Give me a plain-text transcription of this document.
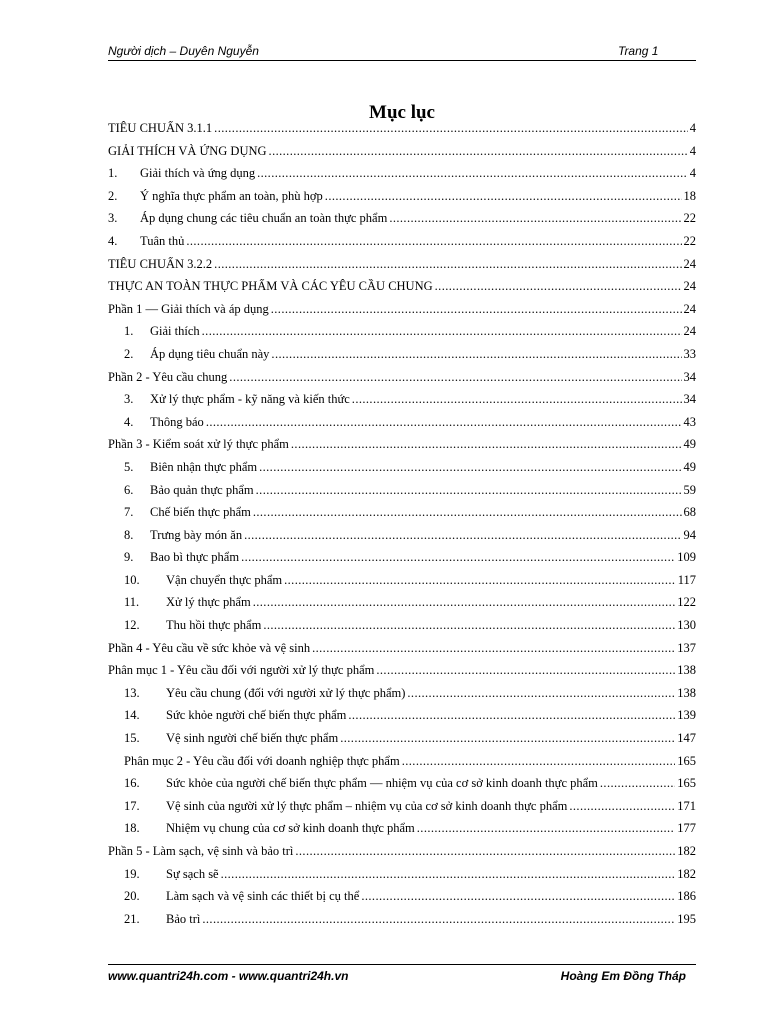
Người dịch – Duyên Nguyễn	Trang 1
Mục lục
TIÊU CHUẨN 3.1.1 .....	4
GIẢI THÍCH VÀ ỨNG DỤNG .....	4
1.	Giải thích và ứng dụng .....	4
2.	Ý nghĩa thực phẩm an toàn, phù hợp .....	18
3.	Áp dụng chung các tiêu chuẩn an toàn thực phẩm .....	22
4.	Tuân thủ .....	22
TIÊU CHUẨN 3.2.2 .....	24
THỰC AN TOÀN THỰC PHẨM VÀ CÁC YÊU CẦU CHUNG .....	24
Phần 1 — Giải thích và áp dụng .....	24
1.	Giải thích .....	24
2.	Áp dụng tiêu chuẩn này .....	33
Phần 2 - Yêu cầu chung .....	34
3.	Xử lý thực phẩm - kỹ năng và kiến thức .....	34
4.	Thông báo .....	43
Phần 3 - Kiểm soát xử lý thực phẩm .....	49
5.	Biên nhận thực phẩm .....	49
6.	Bảo quản thực phẩm .....	59
7.	Chế biến thực phẩm .....	68
8.	Trưng bày món ăn .....	94
9.	Bao bì thực phẩm .....	109
10.	Vận chuyển thực phẩm .....	117
11.	Xử lý thực phẩm .....	122
12.	Thu hồi thực phẩm .....	130
Phần 4 - Yêu cầu về sức khỏe và vệ sinh .....	137
Phân mục 1 - Yêu cầu đối với người xử lý thực phẩm .....	138
13.	Yêu cầu chung (đối với người xử lý thực phẩm) .....	138
14.	Sức khỏe người chế biến thực phẩm .....	139
15.	Vệ sinh người chế biến thực phẩm .....	147
Phân mục 2 - Yêu cầu đối với doanh nghiệp thực phẩm .....	165
16.	Sức khỏe của người chế biến thực phẩm — nhiệm vụ của cơ sở kinh doanh thực phẩm .....	165
17.	Vệ sinh của người xử lý thực phẩm – nhiệm vụ của cơ sở kinh doanh thực phẩm .....	171
18.	Nhiệm vụ chung của cơ sở kinh doanh thực phẩm .....	177
Phần 5 - Làm sạch, vệ sinh và bảo trì .....	182
19.	Sự sạch sẽ .....	182
20.	Làm sạch và vệ sinh các thiết bị cụ thể .....	186
21.	Bảo trì .....	195
www.quantri24h.com - www.quantri24h.vn	Hoàng Em Đồng Tháp
